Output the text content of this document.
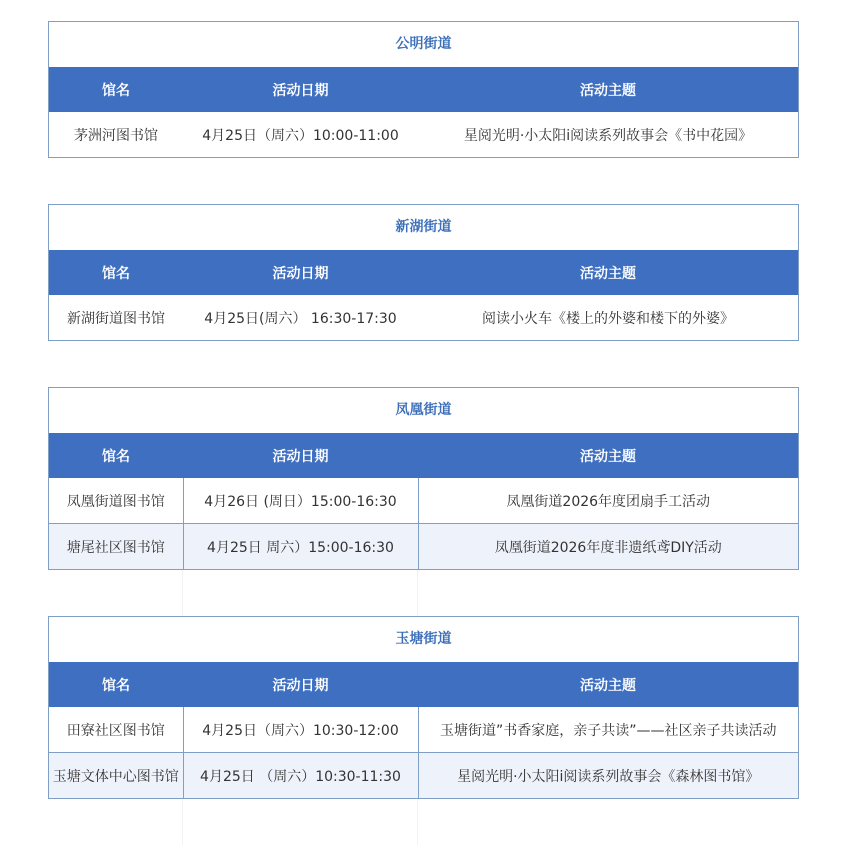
公明街道
馆名	活动日期	活动主题
茅洲河图书馆	4月25日（周六）10:00-11:00	星阅光明·小太阳i阅读系列故事会《书中花园》
新湖街道
馆名	活动日期	活动主题
新湖街道图书馆	4月25日(周六） 16:30-17:30	阅读小火车《楼上的外婆和楼下的外婆》
凤凰街道
馆名	活动日期	活动主题
凤凰街道图书馆	4月26日 (周日）15:00-16:30	凤凰街道2026年度团扇手工活动
塘尾社区图书馆	4月25日 周六）15:00-16:30	凤凰街道2026年度非遗纸鸢DIY活动
玉塘街道
馆名	活动日期	活动主题
田寮社区图书馆	4月25日（周六）10:30-12:00	玉塘街道”书香家庭，亲子共读”——社区亲子共读活动
玉塘文体中心图书馆	4月25日 （周六）10:30-11:30	星阅光明·小太阳i阅读系列故事会《森林图书馆》
